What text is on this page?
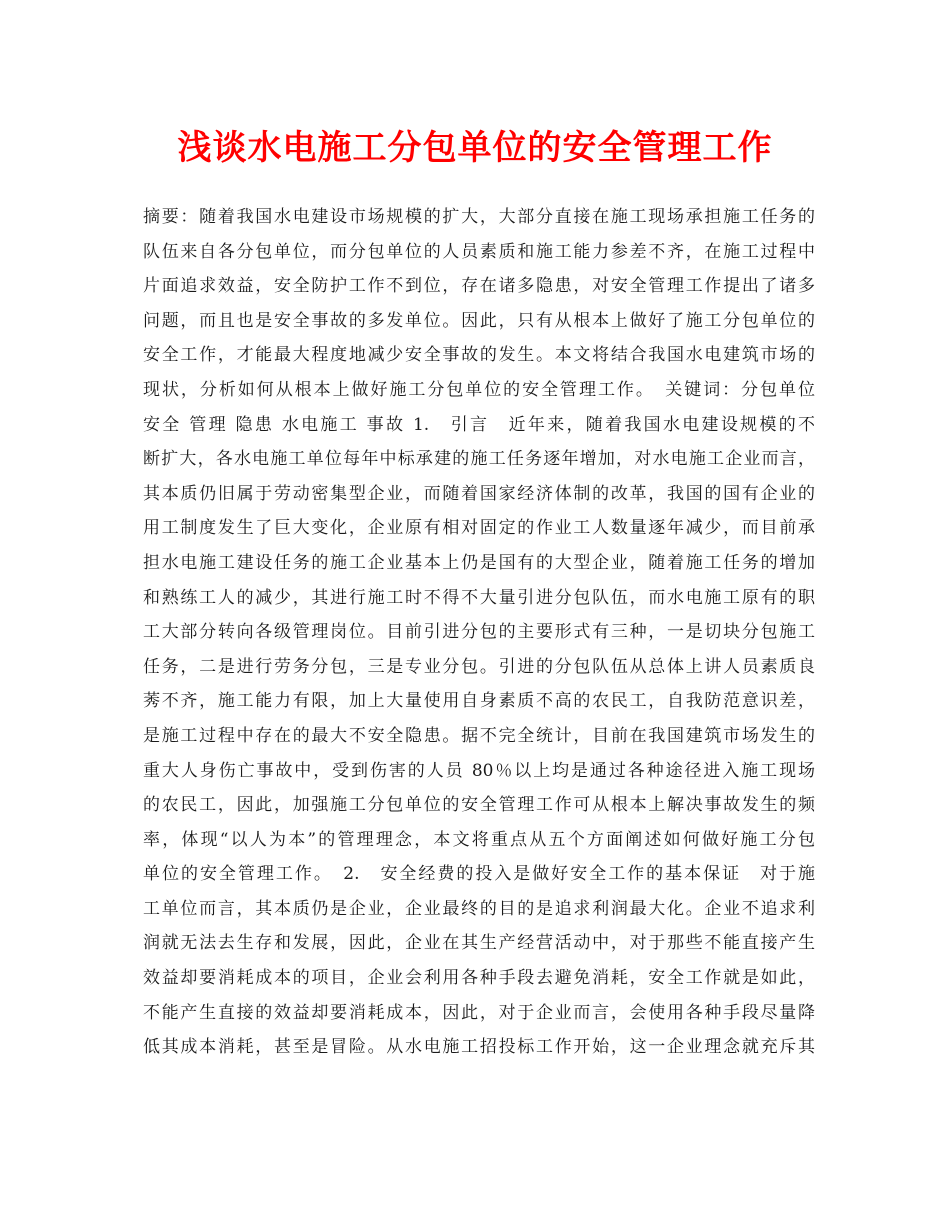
浅谈水电施工分包单位的安全管理工作
摘要：随着我国水电建设市场规模的扩大，大部分直接在施工现场承担施工任务的
队伍来自各分包单位，而分包单位的人员素质和施工能力参差不齐，在施工过程中
片面追求效益，安全防护工作不到位，存在诸多隐患，对安全管理工作提出了诸多
问题，而且也是安全事故的多发单位。因此，只有从根本上做好了施工分包单位的
安全工作，才能最大程度地减少安全事故的发生。本文将结合我国水电建筑市场的
现状，分析如何从根本上做好施工分包单位的安全管理工作。　关键词：分包单位
安全 管理 隐患 水电施工 事故 1.　引言　近年来，随着我国水电建设规模的不
断扩大，各水电施工单位每年中标承建的施工任务逐年增加，对水电施工企业而言，
其本质仍旧属于劳动密集型企业，而随着国家经济体制的改革，我国的国有企业的
用工制度发生了巨大变化，企业原有相对固定的作业工人数量逐年减少，而目前承
担水电施工建设任务的施工企业基本上仍是国有的大型企业，随着施工任务的增加
和熟练工人的减少，其进行施工时不得不大量引进分包队伍，而水电施工原有的职
工大部分转向各级管理岗位。目前引进分包的主要形式有三种，一是切块分包施工
任务，二是进行劳务分包，三是专业分包。引进的分包队伍从总体上讲人员素质良
莠不齐，施工能力有限，加上大量使用自身素质不高的农民工，自我防范意识差，
是施工过程中存在的最大不安全隐患。据不完全统计，目前在我国建筑市场发生的
重大人身伤亡事故中，受到伤害的人员 80％以上均是通过各种途径进入施工现场
的农民工，因此，加强施工分包单位的安全管理工作可从根本上解决事故发生的频
率，体现“以人为本”的管理理念，本文将重点从五个方面阐述如何做好施工分包
单位的安全管理工作。　2.　安全经费的投入是做好安全工作的基本保证　对于施
工单位而言，其本质仍是企业，企业最终的目的是追求利润最大化。企业不追求利
润就无法去生存和发展，因此，企业在其生产经营活动中，对于那些不能直接产生
效益却要消耗成本的项目，企业会利用各种手段去避免消耗，安全工作就是如此，
不能产生直接的效益却要消耗成本，因此，对于企业而言，会使用各种手段尽量降
低其成本消耗，甚至是冒险。从水电施工招投标工作开始，这一企业理念就充斥其
